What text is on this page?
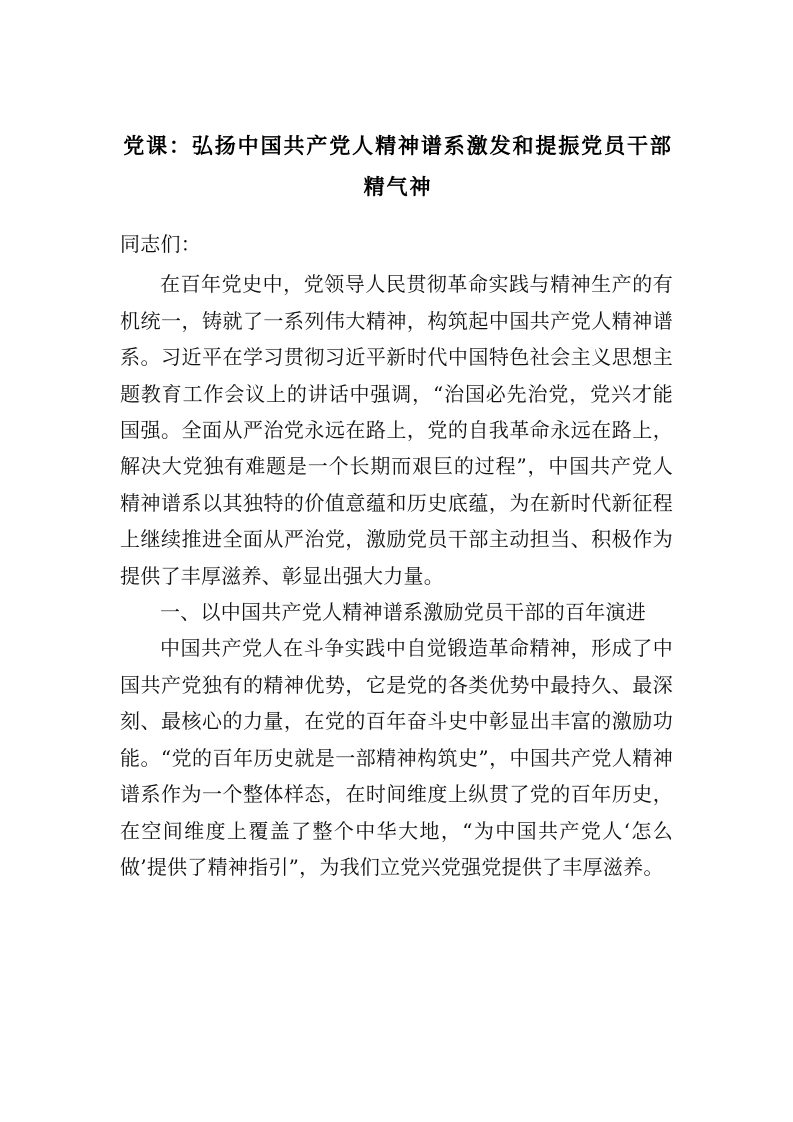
党课：弘扬中国共产党人精神谱系激发和提振党员干部精气神

同志们：

在百年党史中，党领导人民贯彻革命实践与精神生产的有机统一，铸就了一系列伟大精神，构筑起中国共产党人精神谱系。习近平在学习贯彻习近平新时代中国特色社会主义思想主题教育工作会议上的讲话中强调，“治国必先治党，党兴才能国强。全面从严治党永远在路上，党的自我革命永远在路上，解决大党独有难题是一个长期而艰巨的过程”，中国共产党人精神谱系以其独特的价值意蕴和历史底蕴，为在新时代新征程上继续推进全面从严治党，激励党员干部主动担当、积极作为提供了丰厚滋养、彰显出强大力量。

一、以中国共产党人精神谱系激励党员干部的百年演进

中国共产党人在斗争实践中自觉锻造革命精神，形成了中国共产党独有的精神优势，它是党的各类优势中最持久、最深刻、最核心的力量，在党的百年奋斗史中彰显出丰富的激励功能。“党的百年历史就是一部精神构筑史”，中国共产党人精神谱系作为一个整体样态，在时间维度上纵贯了党的百年历史，在空间维度上覆盖了整个中华大地，“为中国共产党人‘怎么做’提供了精神指引”，为我们立党兴党强党提供了丰厚滋养。
